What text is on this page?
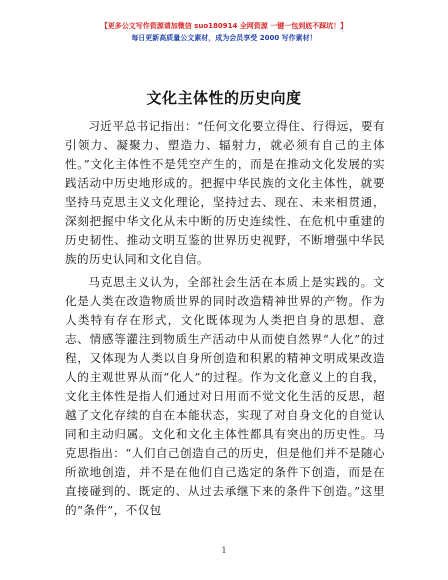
【更多公文写作资源请加微信 suo180914 全网资源 一键一包到底不踩坑！】
每日更新高质量公文素材，成为会员享受 2000 写作素材！
文化主体性的历史向度

习近平总书记指出：“任何文化要立得住、行得远，要有引领力、凝聚力、塑造力、辐射力，就必须有自己的主体性。”文化主体性不是凭空产生的，而是在推动文化发展的实践活动中历史地形成的。把握中华民族的文化主体性，就要坚持马克思主义文化理论，坚持过去、现在、未来相贯通，深刻把握中华文化从未中断的历史连续性、在危机中重建的历史韧性、推动文明互鉴的世界历史视野，不断增强中华民族的历史认同和文化自信。

马克思主义认为，全部社会生活在本质上是实践的。文化是人类在改造物质世界的同时改造精神世界的产物。作为人类特有存在形式，文化既体现为人类把自身的思想、意志、情感等灌注到物质生产活动中从而使自然界“人化”的过程，又体现为人类以自身所创造和积累的精神文明成果改造人的主观世界从而“化人”的过程。作为文化意义上的自我，文化主体性是指人们通过对日用而不觉文化生活的反思，超越了文化存续的自在本能状态，实现了对自身文化的自觉认同和主动归属。文化和文化主体性都具有突出的历史性。马克思指出：“人们自己创造自己的历史，但是他们并不是随心所欲地创造，并不是在他们自己选定的条件下创造，而是在直接碰到的、既定的、从过去承继下来的条件下创造。”这里的“条件”，不仅包

1
